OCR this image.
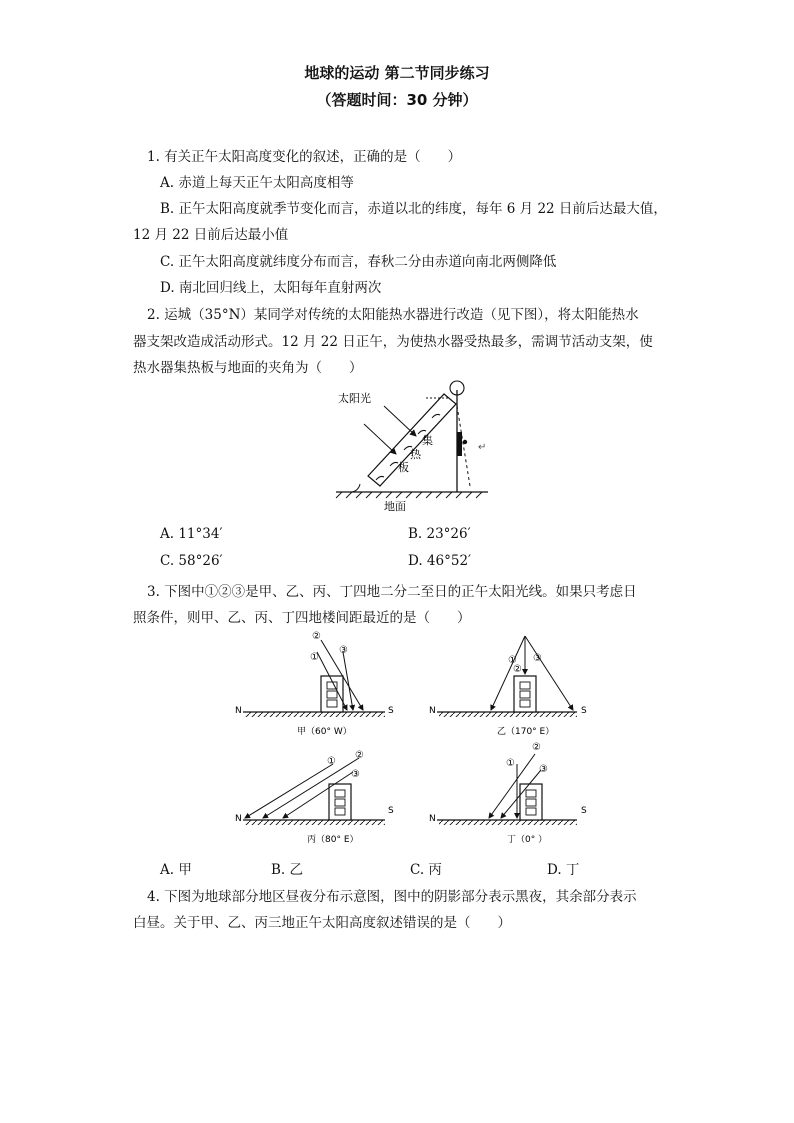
地球的运动 第二节同步练习
（答题时间：30 分钟）
1. 有关正午太阳高度变化的叙述，正确的是（　　）
A. 赤道上每天正午太阳高度相等
B. 正午太阳高度就季节变化而言，赤道以北的纬度，每年 6 月 22 日前后达最大值，
12 月 22 日前后达最小值
C. 正午太阳高度就纬度分布而言，春秋二分由赤道向南北两侧降低
D. 南北回归线上，太阳每年直射两次
2. 运城（35°N）某同学对传统的太阳能热水器进行改造（见下图），将太阳能热水
器支架改造成活动形式。12 月 22 日正午，为使热水器受热最多，需调节活动支架，使
热水器集热板与地面的夹角为（　　）
太阳光
集
热
板
地面
↵
A. 11°34′	B. 23°26′
C. 58°26′	D. 46°52′
3. 下图中①②③是甲、乙、丙、丁四地二分二至日的正午太阳光线。如果只考虑日
照条件，则甲、乙、丙、丁四地楼间距最近的是（　　）
N	S
①
②
③
甲（60° W）
N	S
①
②
③
乙（170° E）
N
S
①
②
③
丙（80° E）
N
S
①
②
③
丁（0° ）
A. 甲	B. 乙	C. 丙	D. 丁
4. 下图为地球部分地区昼夜分布示意图，图中的阴影部分表示黑夜，其余部分表示
白昼。关于甲、乙、丙三地正午太阳高度叙述错误的是（　　）
